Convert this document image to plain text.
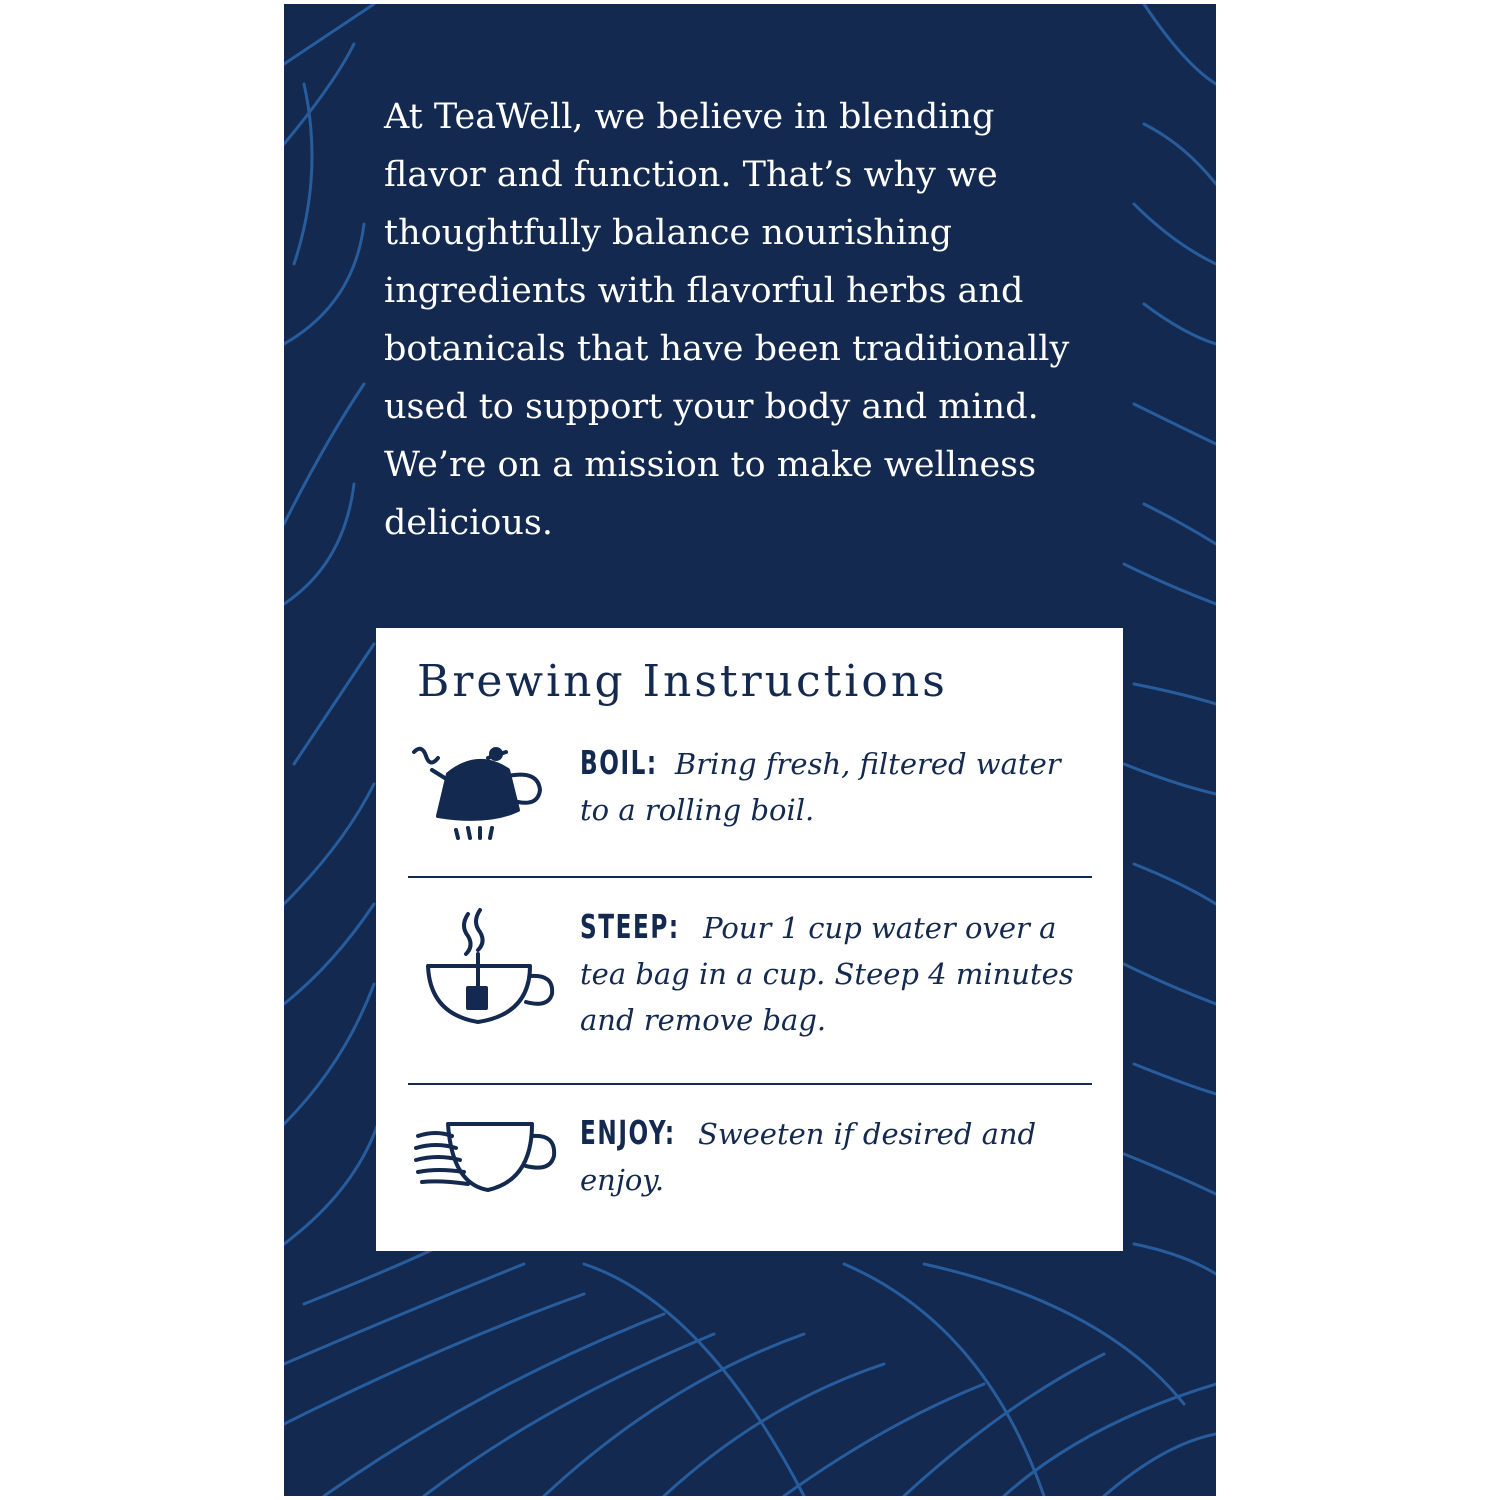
At TeaWell, we believe in blending flavor and function. That’s why we thoughtfully balance nourishing ingredients with flavorful herbs and botanicals that have been traditionally used to support your body and mind. We’re on a mission to make wellness delicious.

Brewing Instructions

BOIL: Bring fresh, filtered water to a rolling boil.

STEEP: Pour 1 cup water over a tea bag in a cup. Steep 4 minutes and remove bag.

ENJOY: Sweeten if desired and enjoy.
